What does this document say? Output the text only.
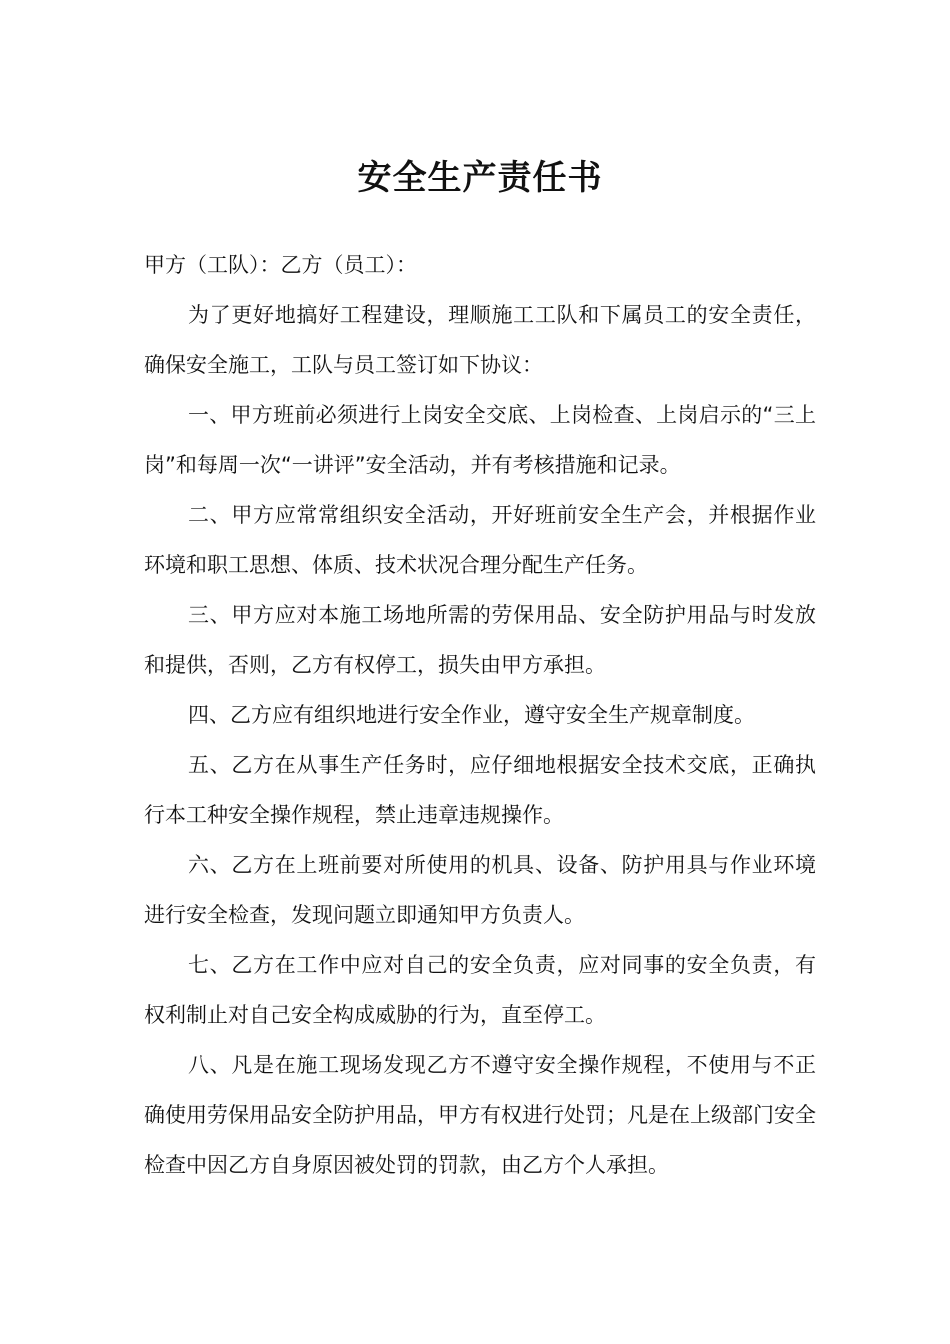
安全生产责任书

甲方（工队）：乙方（员工）：

为了更好地搞好工程建设，理顺施工工队和下属员工的安全责任，确保安全施工，工队与员工签订如下协议：

一、甲方班前必须进行上岗安全交底、上岗检查、上岗启示的“三上岗”和每周一次“一讲评”安全活动，并有考核措施和记录。

二、甲方应常常组织安全活动，开好班前安全生产会，并根据作业环境和职工思想、体质、技术状况合理分配生产任务。

三、甲方应对本施工场地所需的劳保用品、安全防护用品与时发放和提供，否则，乙方有权停工，损失由甲方承担。

四、乙方应有组织地进行安全作业，遵守安全生产规章制度。

五、乙方在从事生产任务时，应仔细地根据安全技术交底，正确执行本工种安全操作规程，禁止违章违规操作。

六、乙方在上班前要对所使用的机具、设备、防护用具与作业环境进行安全检查，发现问题立即通知甲方负责人。

七、乙方在工作中应对自己的安全负责，应对同事的安全负责，有权利制止对自己安全构成威胁的行为，直至停工。

八、凡是在施工现场发现乙方不遵守安全操作规程，不使用与不正确使用劳保用品安全防护用品，甲方有权进行处罚；凡是在上级部门安全检查中因乙方自身原因被处罚的罚款，由乙方个人承担。
